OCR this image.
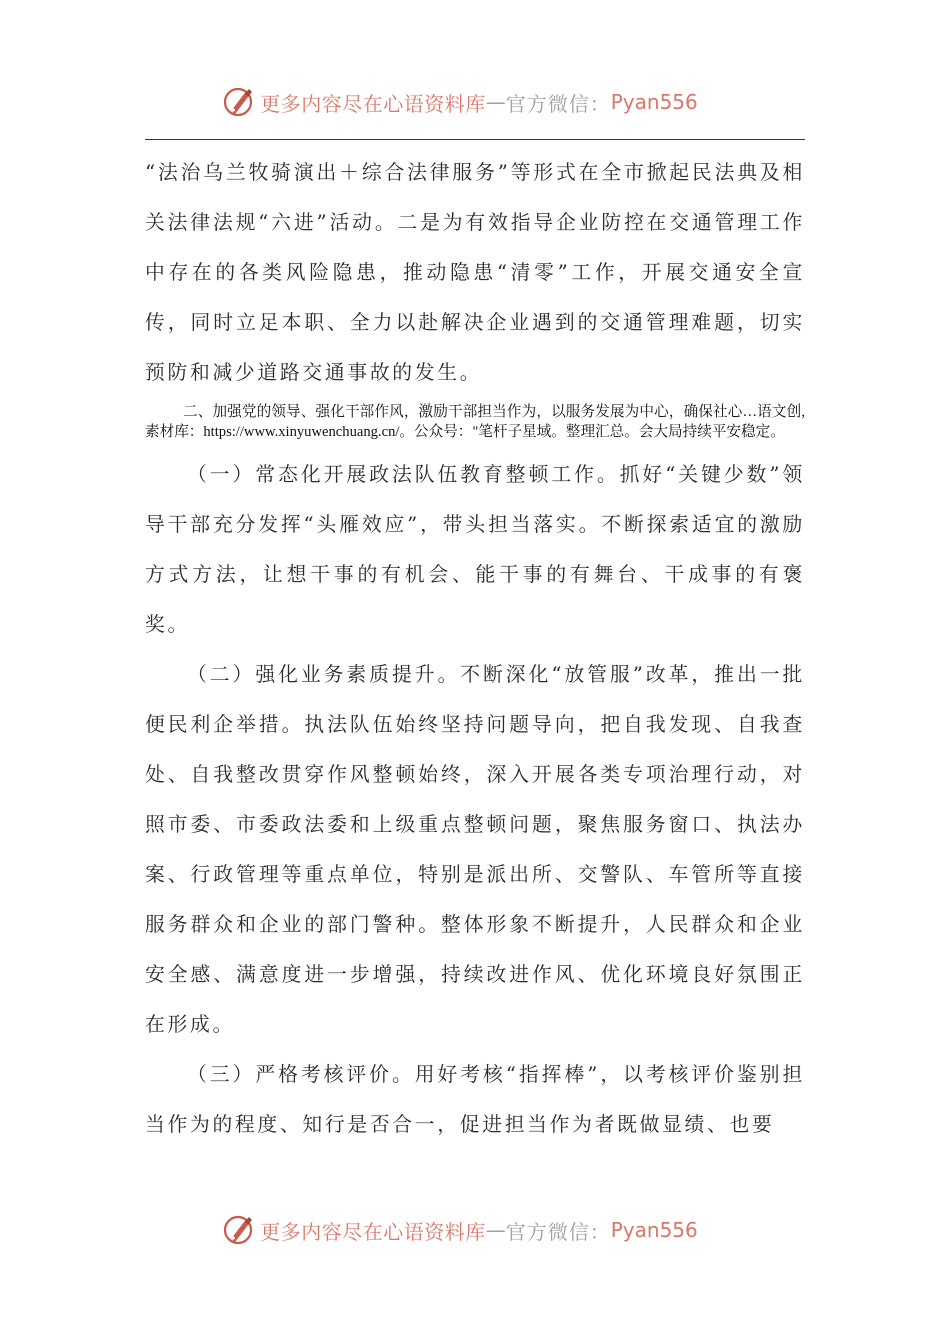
更多内容尽在心语资料库 — 官方微信： Pyan556

“法治乌兰牧骑演出＋综合法律服务”等形式在全市掀起民法典及相关法律法规“六进”活动。二是为有效指导企业防控在交通管理工作中存在的各类风险隐患，推动隐患“清零”工作，开展交通安全宣传，同时立足本职、全力以赴解决企业遇到的交通管理难题，切实预防和减少道路交通事故的发生。

二、加强党的领导、强化干部作风，激励干部担当作为，以服务发展为中心，确保社心…语文创,素材库：https://www.xinyuwenchuang.cn/。公众号："笔杆子星域。整理汇总。会大局持续平安稳定。

（一）常态化开展政法队伍教育整顿工作。抓好“关键少数”领导干部充分发挥“头雁效应”，带头担当落实。不断探索适宜的激励方式方法，让想干事的有机会、能干事的有舞台、干成事的有褒奖。

（二）强化业务素质提升。不断深化“放管服”改革，推出一批便民利企举措。执法队伍始终坚持问题导向，把自我发现、自我查处、自我整改贯穿作风整顿始终，深入开展各类专项治理行动，对照市委、市委政法委和上级重点整顿问题，聚焦服务窗口、执法办案、行政管理等重点单位，特别是派出所、交警队、车管所等直接服务群众和企业的部门警种。整体形象不断提升，人民群众和企业安全感、满意度进一步增强，持续改进作风、优化环境良好氛围正在形成。

（三）严格考核评价。用好考核“指挥棒”，以考核评价鉴别担当作为的程度、知行是否合一，促进担当作为者既做显绩、也要

更多内容尽在心语资料库 — 官方微信： Pyan556
